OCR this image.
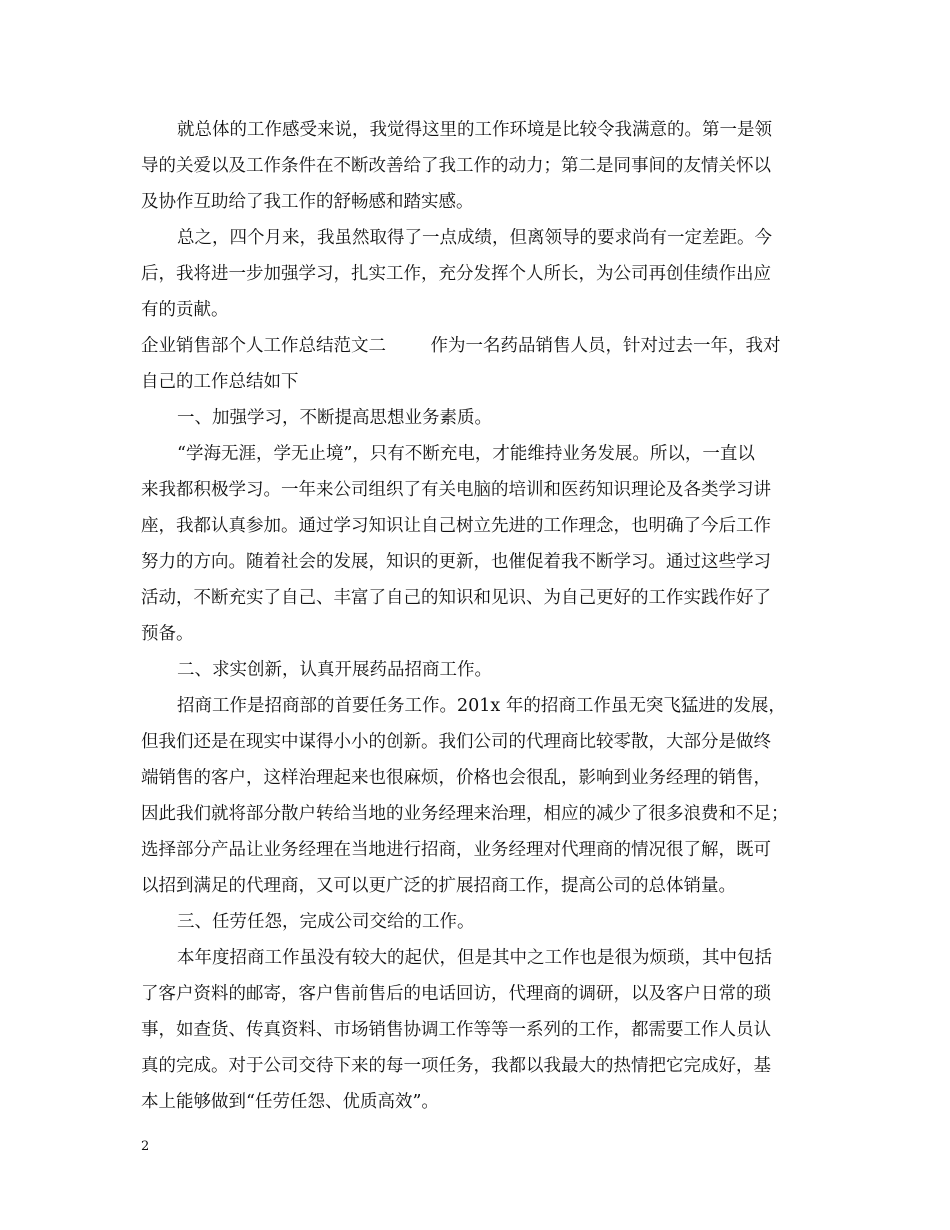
就总体的工作感受来说，我觉得这里的工作环境是比较令我满意的。第一是领
导的关爱以及工作条件在不断改善给了我工作的动力；第二是同事间的友情关怀以
及协作互助给了我工作的舒畅感和踏实感。
总之，四个月来，我虽然取得了一点成绩，但离领导的要求尚有一定差距。今
后，我将进一步加强学习，扎实工作，充分发挥个人所长，为公司再创佳绩作出应
有的贡献。
企业销售部个人工作总结范文二        作为一名药品销售人员，针对过去一年，我对
自己的工作总结如下
一、加强学习，不断提高思想业务素质。
“学海无涯，学无止境”，只有不断充电，才能维持业务发展。所以，一直以
来我都积极学习。一年来公司组织了有关电脑的培训和医药知识理论及各类学习讲
座，我都认真参加。通过学习知识让自己树立先进的工作理念，也明确了今后工作
努力的方向。随着社会的发展，知识的更新，也催促着我不断学习。通过这些学习
活动，不断充实了自己、丰富了自己的知识和见识、为自己更好的工作实践作好了
预备。
二、求实创新，认真开展药品招商工作。
招商工作是招商部的首要任务工作。201x 年的招商工作虽无突飞猛进的发展，
但我们还是在现实中谋得小小的创新。我们公司的代理商比较零散，大部分是做终
端销售的客户，这样治理起来也很麻烦，价格也会很乱，影响到业务经理的销售，
因此我们就将部分散户转给当地的业务经理来治理，相应的减少了很多浪费和不足；
选择部分产品让业务经理在当地进行招商，业务经理对代理商的情况很了解，既可
以招到满足的代理商，又可以更广泛的扩展招商工作，提高公司的总体销量。
三、任劳任怨，完成公司交给的工作。
本年度招商工作虽没有较大的起伏，但是其中之工作也是很为烦琐，其中包括
了客户资料的邮寄，客户售前售后的电话回访，代理商的调研，以及客户日常的琐
事，如查货、传真资料、市场销售协调工作等等一系列的工作，都需要工作人员认
真的完成。对于公司交待下来的每一项任务，我都以我最大的热情把它完成好，基
本上能够做到“任劳任怨、优质高效”。
2
